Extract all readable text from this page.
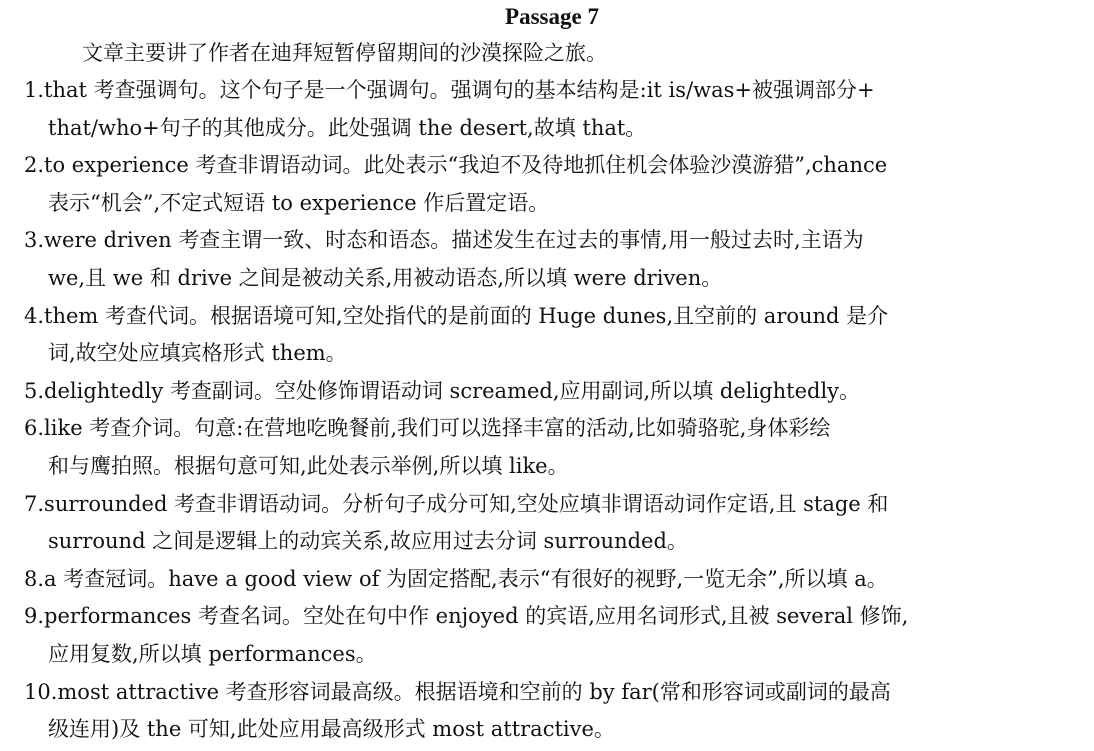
Passage 7

文章主要讲了作者在迪拜短暂停留期间的沙漠探险之旅。

1.that 考查强调句。这个句子是一个强调句。强调句的基本结构是:it is/was+被强调部分+
that/who+句子的其他成分。此处强调 the desert,故填 that。

2.to experience 考查非谓语动词。此处表示“我迫不及待地抓住机会体验沙漠游猎”,chance
表示“机会”,不定式短语 to experience 作后置定语。

3.were driven 考查主谓一致、时态和语态。描述发生在过去的事情,用一般过去时,主语为
we,且 we 和 drive 之间是被动关系,用被动语态,所以填 were driven。

4.them 考查代词。根据语境可知,空处指代的是前面的 Huge dunes,且空前的 around 是介
词,故空处应填宾格形式 them。

5.delightedly 考查副词。空处修饰谓语动词 screamed,应用副词,所以填 delightedly。

6.like 考查介词。句意:在营地吃晚餐前,我们可以选择丰富的活动,比如骑骆驼,身体彩绘
和与鹰拍照。根据句意可知,此处表示举例,所以填 like。

7.surrounded 考查非谓语动词。分析句子成分可知,空处应填非谓语动词作定语,且 stage 和
surround 之间是逻辑上的动宾关系,故应用过去分词 surrounded。

8.a 考查冠词。have a good view of 为固定搭配,表示“有很好的视野,一览无余”,所以填 a。

9.performances 考查名词。空处在句中作 enjoyed 的宾语,应用名词形式,且被 several 修饰,
应用复数,所以填 performances。

10.most attractive 考查形容词最高级。根据语境和空前的 by far(常和形容词或副词的最高
级连用)及 the 可知,此处应用最高级形式 most attractive。
